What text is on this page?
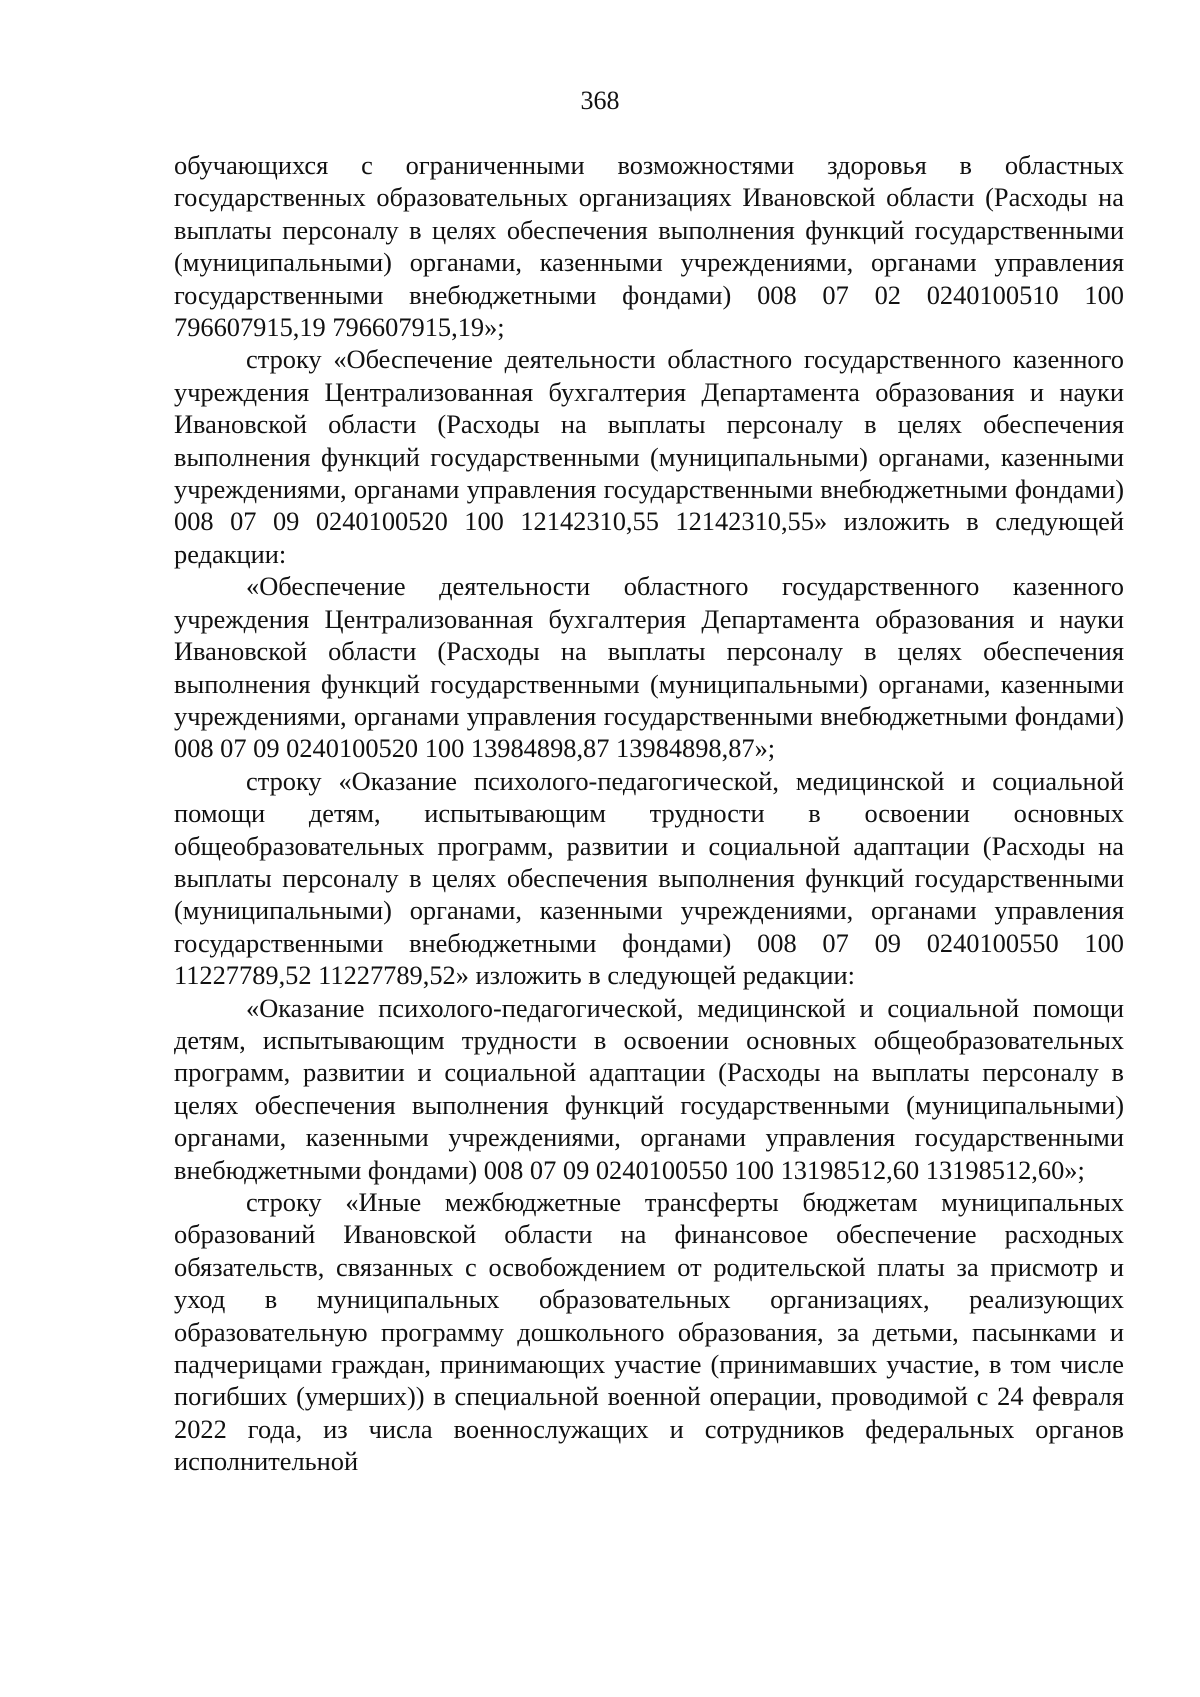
368

обучающихся с ограниченными возможностями здоровья в областных государственных образовательных организациях Ивановской области (Расходы на выплаты персоналу в целях обеспечения выполнения функций государственными (муниципальными) органами, казенными учреждениями, органами управления государственными внебюджетными фондами) 008 07 02 0240100510 100 796607915,19 796607915,19»;

строку «Обеспечение деятельности областного государственного казенного учреждения Централизованная бухгалтерия Департамента образования и науки Ивановской области (Расходы на выплаты персоналу в целях обеспечения выполнения функций государственными (муниципальными) органами, казенными учреждениями, органами управления государственными внебюджетными фондами) 008 07 09 0240100520 100 12142310,55 12142310,55» изложить в следующей редакции:

«Обеспечение деятельности областного государственного казенного учреждения Централизованная бухгалтерия Департамента образования и науки Ивановской области (Расходы на выплаты персоналу в целях обеспечения выполнения функций государственными (муниципальными) органами, казенными учреждениями, органами управления государственными внебюджетными фондами) 008 07 09 0240100520 100 13984898,87 13984898,87»;

строку «Оказание психолого-педагогической, медицинской и социальной помощи детям, испытывающим трудности в освоении основных общеобразовательных программ, развитии и социальной адаптации (Расходы на выплаты персоналу в целях обеспечения выполнения функций государственными (муниципальными) органами, казенными учреждениями, органами управления государственными внебюджетными фондами) 008 07 09 0240100550 100 11227789,52 11227789,52» изложить в следующей редакции:

«Оказание психолого-педагогической, медицинской и социальной помощи детям, испытывающим трудности в освоении основных общеобразовательных программ, развитии и социальной адаптации (Расходы на выплаты персоналу в целях обеспечения выполнения функций государственными (муниципальными) органами, казенными учреждениями, органами управления государственными внебюджетными фондами) 008 07 09 0240100550 100 13198512,60 13198512,60»;

строку «Иные межбюджетные трансферты бюджетам муниципальных образований Ивановской области на финансовое обеспечение расходных обязательств, связанных с освобождением от родительской платы за присмотр и уход в муниципальных образовательных организациях, реализующих образовательную программу дошкольного образования, за детьми, пасынками и падчерицами граждан, принимающих участие (принимавших участие, в том числе погибших (умерших)) в специальной военной операции, проводимой с 24 февраля 2022 года, из числа военнослужащих и сотрудников федеральных органов исполнительной
